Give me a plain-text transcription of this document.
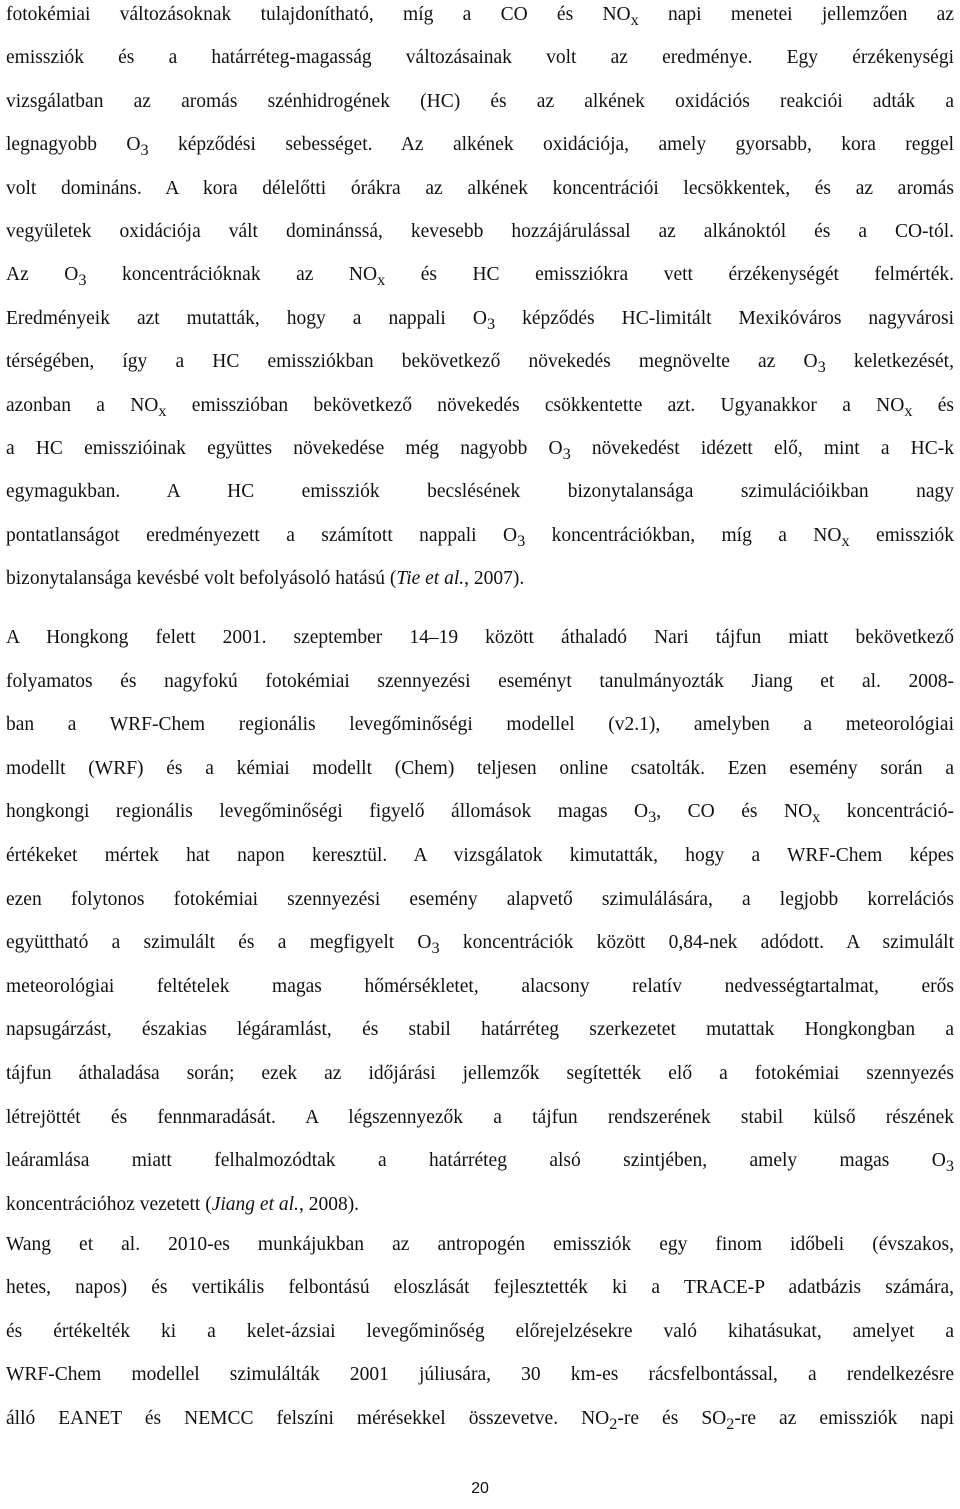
fotokémiai változásoknak tulajdonítható, míg a CO és $NO_x$ napi menetei jellemzően az
emissziók és a határréteg-magasság változásainak volt az eredménye. Egy érzékenységi
vizsgálatban az aromás szénhidrogének (HC) és az alkének oxidációs reakciói adták a
legnagyobb $O_3$ képződési sebességet. Az alkének oxidációja, amely gyorsabb, kora reggel
volt domináns. A kora délelőtti órákra az alkének koncentrációi lecsökkentek, és az aromás
vegyületek oxidációja vált dominánssá, kevesebb hozzájárulással az alkánoktól és a CO-tól.
Az $O_3$ koncentrációknak az $NO_x$ és HC emissziókra vett érzékenységét felmérték.
Eredményeik azt mutatták, hogy a nappali $O_3$ képződés HC-limitált Mexikóváros nagyvárosi
térségében, így a HC emissziókban bekövetkező növekedés megnövelte az $O_3$ keletkezését,
azonban a $NO_x$ emisszióban bekövetkező növekedés csökkentette azt. Ugyanakkor a $NO_x$ és
a HC emisszióinak együttes növekedése még nagyobb $O_3$ növekedést idézett elő, mint a HC-k
egymagukban. A HC emissziók becslésének bizonytalansága szimulációikban nagy
pontatlanságot eredményezett a számított nappali $O_3$ koncentrációkban, míg a $NO_x$ emissziók
bizonytalansága kevésbé volt befolyásoló hatású (Tie et al., 2007).
A Hongkong felett 2001. szeptember 14–19 között áthaladó Nari tájfun miatt bekövetkező
folyamatos és nagyfokú fotokémiai szennyezési eseményt tanulmányozták Jiang et al. 2008-
ban a WRF-Chem regionális levegőminőségi modellel (v2.1), amelyben a meteorológiai
modellt (WRF) és a kémiai modellt (Chem) teljesen online csatolták. Ezen esemény során a
hongkongi regionális levegőminőségi figyelő állomások magas $O_3$, CO és $NO_x$ koncentráció-
értékeket mértek hat napon keresztül. A vizsgálatok kimutatták, hogy a WRF-Chem képes
ezen folytonos fotokémiai szennyezési esemény alapvető szimulálására, a legjobb korrelációs
együttható a szimulált és a megfigyelt $O_3$ koncentrációk között 0,84-nek adódott. A szimulált
meteorológiai feltételek magas hőmérsékletet, alacsony relatív nedvességtartalmat, erős
napsugárzást, északias légáramlást, és stabil határréteg szerkezetet mutattak Hongkongban a
tájfun áthaladása során; ezek az időjárási jellemzők segítették elő a fotokémiai szennyezés
létrejöttét és fennmaradását. A légszennyezők a tájfun rendszerének stabil külső részének
leáramlása miatt felhalmozódtak a határréteg alsó szintjében, amely magas $O_3$
koncentrációhoz vezetett (Jiang et al., 2008).
Wang et al. 2010-es munkájukban az antropogén emissziók egy finom időbeli (évszakos,
hetes, napos) és vertikális felbontású eloszlását fejlesztették ki a TRACE-P adatbázis számára,
és értékelték ki a kelet-ázsiai levegőminőség előrejelzésekre való kihatásukat, amelyet a
WRF-Chem modellel szimulálták 2001 júliusára, 30 km-es rácsfelbontással, a rendelkezésre
álló EANET és NEMCC felszíni mérésekkel összevetve. $NO_2-re$ és $SO_2-re$ az emissziók napi
20
